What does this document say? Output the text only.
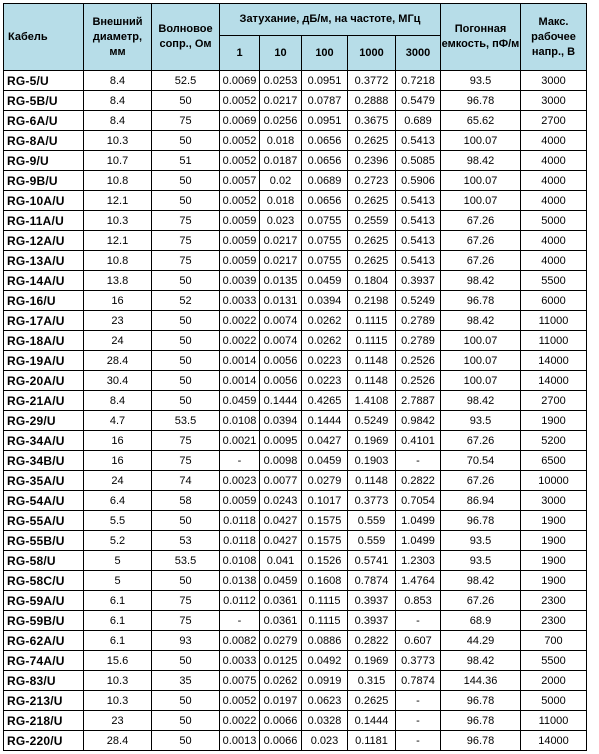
Кабель	Внешний диаметр, мм	Волновое сопр., Ом	Затухание, дБ/м, на частоте, МГц					Погонная емкость, пФ/м	Макс. рабочее напр., В
			1	10	100	1000	3000		
RG-5/U	8.4	52.5	0.0069	0.0253	0.0951	0.3772	0.7218	93.5	3000
RG-5B/U	8.4	50	0.0052	0.0217	0.0787	0.2888	0.5479	96.78	3000
RG-6A/U	8.4	75	0.0069	0.0256	0.0951	0.3675	0.689	65.62	2700
RG-8A/U	10.3	50	0.0052	0.018	0.0656	0.2625	0.5413	100.07	4000
RG-9/U	10.7	51	0.0052	0.0187	0.0656	0.2396	0.5085	98.42	4000
RG-9B/U	10.8	50	0.0057	0.02	0.0689	0.2723	0.5906	100.07	4000
RG-10A/U	12.1	50	0.0052	0.018	0.0656	0.2625	0.5413	100.07	4000
RG-11A/U	10.3	75	0.0059	0.023	0.0755	0.2559	0.5413	67.26	5000
RG-12A/U	12.1	75	0.0059	0.0217	0.0755	0.2625	0.5413	67.26	4000
RG-13A/U	10.8	75	0.0059	0.0217	0.0755	0.2625	0.5413	67.26	4000
RG-14A/U	13.8	50	0.0039	0.0135	0.0459	0.1804	0.3937	98.42	5500
RG-16/U	16	52	0.0033	0.0131	0.0394	0.2198	0.5249	96.78	6000
RG-17A/U	23	50	0.0022	0.0074	0.0262	0.1115	0.2789	98.42	11000
RG-18A/U	24	50	0.0022	0.0074	0.0262	0.1115	0.2789	100.07	11000
RG-19A/U	28.4	50	0.0014	0.0056	0.0223	0.1148	0.2526	100.07	14000
RG-20A/U	30.4	50	0.0014	0.0056	0.0223	0.1148	0.2526	100.07	14000
RG-21A/U	8.4	50	0.0459	0.1444	0.4265	1.4108	2.7887	98.42	2700
RG-29/U	4.7	53.5	0.0108	0.0394	0.1444	0.5249	0.9842	93.5	1900
RG-34A/U	16	75	0.0021	0.0095	0.0427	0.1969	0.4101	67.26	5200
RG-34B/U	16	75	-	0.0098	0.0459	0.1903	-	70.54	6500
RG-35A/U	24	74	0.0023	0.0077	0.0279	0.1148	0.2822	67.26	10000
RG-54A/U	6.4	58	0.0059	0.0243	0.1017	0.3773	0.7054	86.94	3000
RG-55A/U	5.5	50	0.0118	0.0427	0.1575	0.559	1.0499	96.78	1900
RG-55B/U	5.2	53	0.0118	0.0427	0.1575	0.559	1.0499	93.5	1900
RG-58/U	5	53.5	0.0108	0.041	0.1526	0.5741	1.2303	93.5	1900
RG-58C/U	5	50	0.0138	0.0459	0.1608	0.7874	1.4764	98.42	1900
RG-59A/U	6.1	75	0.0112	0.0361	0.1115	0.3937	0.853	67.26	2300
RG-59B/U	6.1	75	-	0.0361	0.1115	0.3937	-	68.9	2300
RG-62A/U	6.1	93	0.0082	0.0279	0.0886	0.2822	0.607	44.29	700
RG-74A/U	15.6	50	0.0033	0.0125	0.0492	0.1969	0.3773	98.42	5500
RG-83/U	10.3	35	0.0075	0.0262	0.0919	0.315	0.7874	144.36	2000
RG-213/U	10.3	50	0.0052	0.0197	0.0623	0.2625	-	96.78	5000
RG-218/U	23	50	0.0022	0.0066	0.0328	0.1444	-	96.78	11000
RG-220/U	28.4	50	0.0013	0.0066	0.023	0.1181	-	96.78	14000
